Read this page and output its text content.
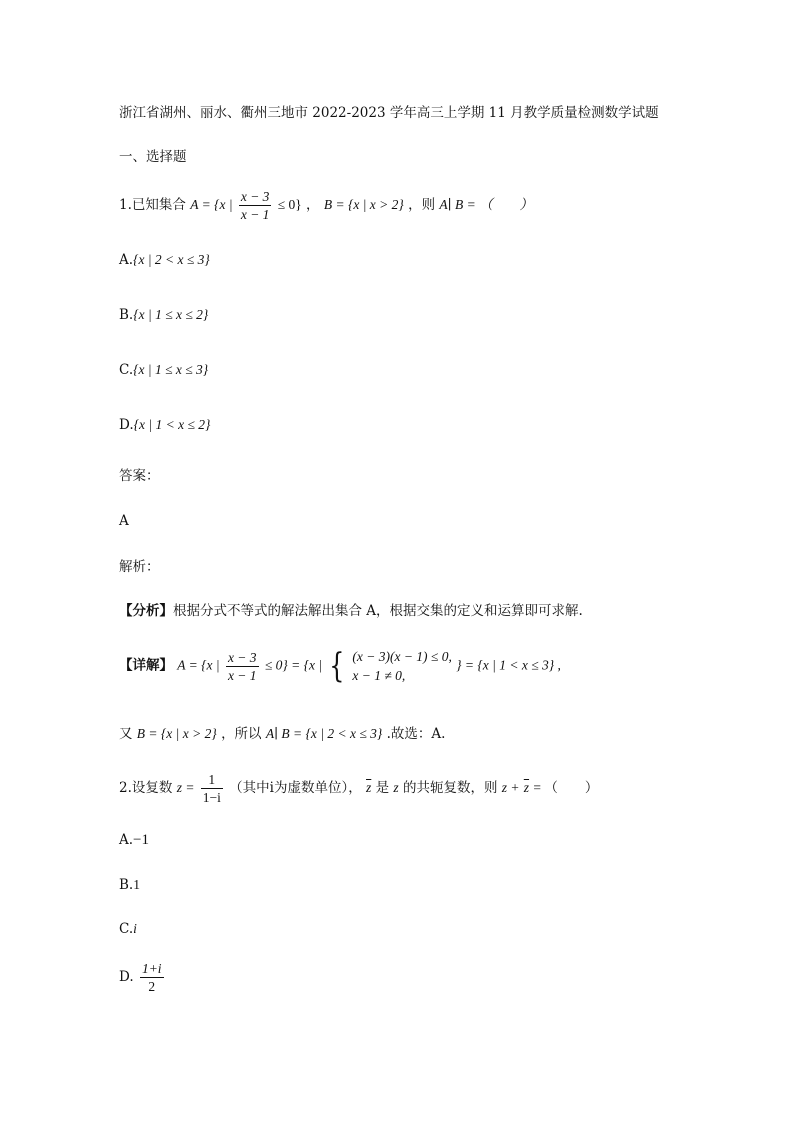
浙江省湖州、丽水、衢州三地市 2022-2023 学年高三上学期 11 月教学质量检测数学试题
一、选择题
1.已知集合 A = {x | $\frac{x - 3}{x - 1} \le 0$} ， B = {x | x > 2} ，则 A∣ B = （　　）
A.{x | 2 < x ≤ 3}
B.{x | 1 ≤ x ≤ 2}
C.{x | 1 ≤ x ≤ 3}
D.{x | 1 < x ≤ 2}
答案：
A
解析：
【分析】根据分式不等式的解法解出集合 A，根据交集的定义和运算即可求解.
【详解】 A = {x | $\frac{x - 3}{x - 1} \le 0\} = \{x$ | { (x − 3)(x − 1) ≤ 0,
x − 1 ≠ 0,
} = {x | 1 < x ≤ 3} ,
又 B = {x | x > 2} ，所以 A∣ B = {x | 2 < x ≤ 3} .故选：A.
2.设复数 $z = \frac{1}{1-i}$ （其中i为虚数单位）， $\overline{z}$ 是 z 的共轭复数，则 $z + \overline{z}$ = （　　）
A.−1
B.1
C.i
D. $\frac{1+i}{2}$
